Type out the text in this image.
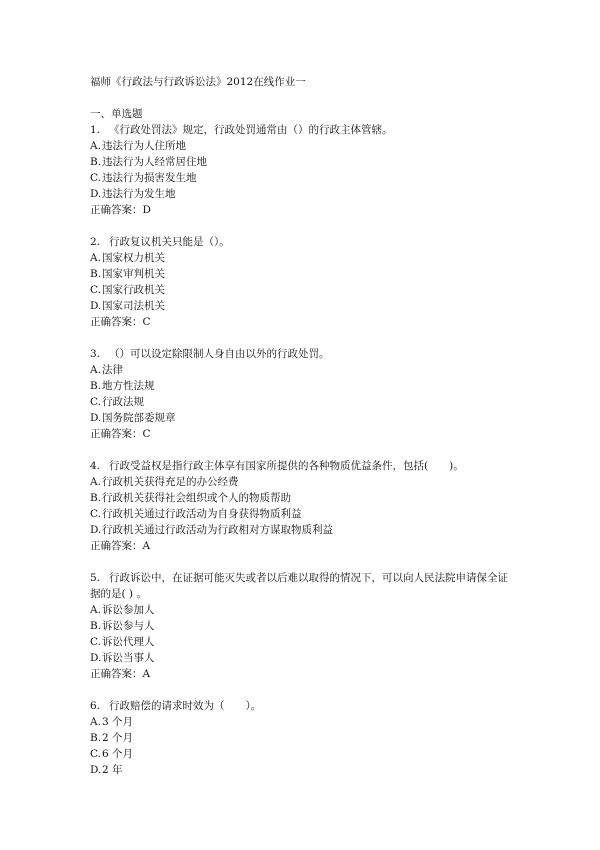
福师《行政法与行政诉讼法》2012在线作业一
一、单选题
1. 《行政处罚法》规定，行政处罚通常由（）的行政主体管辖。
A.违法行为人住所地
B.违法行为人经常居住地
C.违法行为损害发生地
D.违法行为发生地
正确答案：D
2. 行政复议机关只能是（）。
A.国家权力机关
B.国家审判机关
C.国家行政机关
D.国家司法机关
正确答案：C
3. （）可以设定除限制人身自由以外的行政处罚。
A.法律
B.地方性法规
C.行政法规
D.国务院部委规章
正确答案：C
4. 行政受益权是指行政主体享有国家所提供的各种物质优益条件，包括(　　)。
A.行政机关获得充足的办公经费
B.行政机关获得社会组织或个人的物质帮助
C.行政机关通过行政活动为自身获得物质利益
D.行政机关通过行政活动为行政相对方谋取物质利益
正确答案：A
5. 行政诉讼中，在证据可能灭失或者以后难以取得的情况下，可以向人民法院申请保全证
据的是( ) 。
A.诉讼参加人
B.诉讼参与人
C.诉讼代理人
D.诉讼当事人
正确答案：A
6. 行政赔偿的请求时效为（　　）。
A.3 个月
B.2 个月
C.6 个月
D.2 年
